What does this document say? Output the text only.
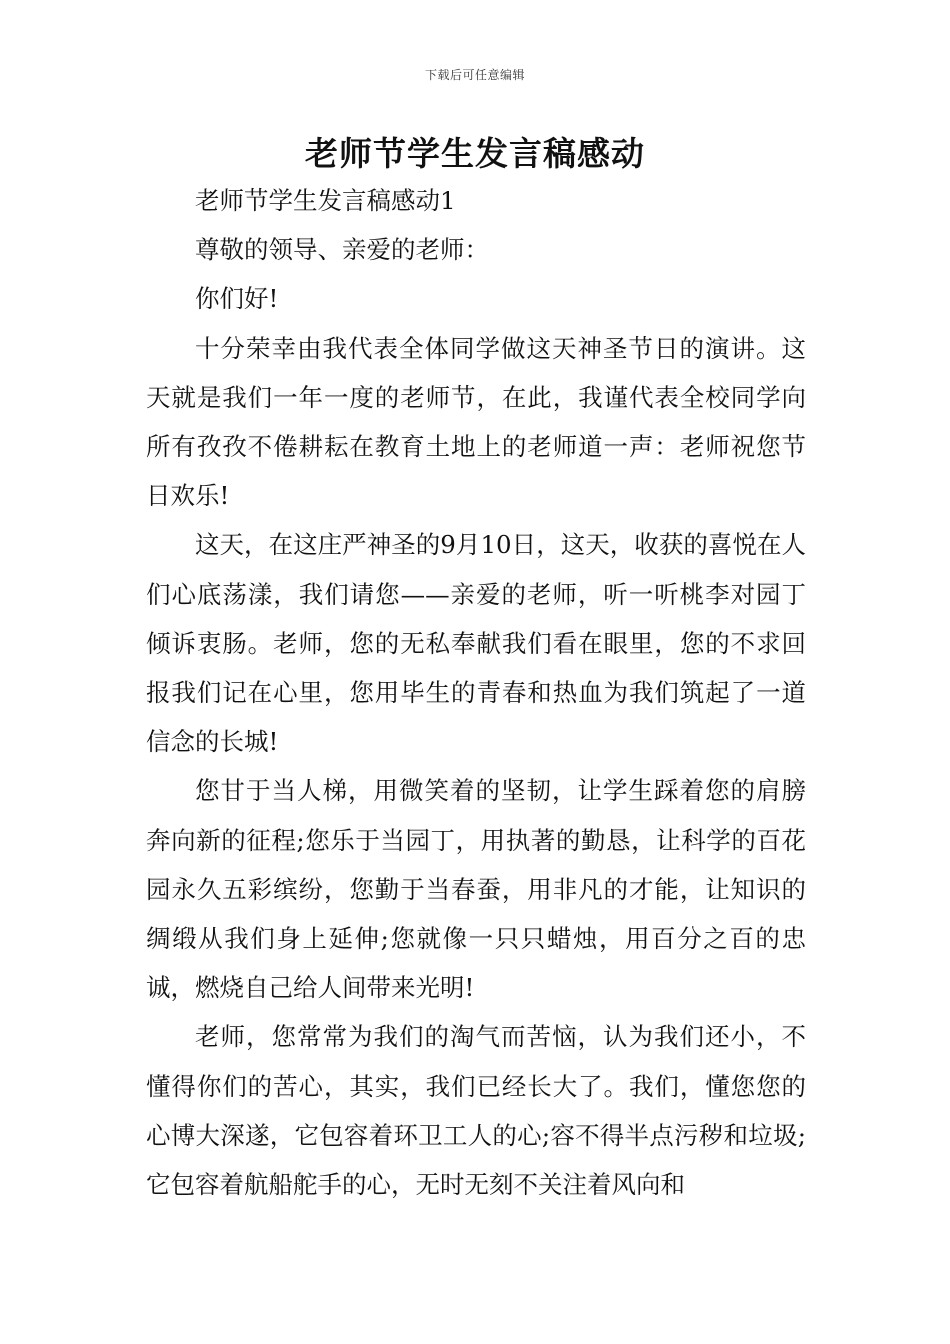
下载后可任意编辑
老师节学生发言稿感动

老师节学生发言稿感动1

尊敬的领导、亲爱的老师：

你们好!

十分荣幸由我代表全体同学做这天神圣节日的演讲。这天就是我们一年一度的老师节，在此，我谨代表全校同学向所有孜孜不倦耕耘在教育土地上的老师道一声：老师祝您节日欢乐!

这天，在这庄严神圣的9月10日，这天，收获的喜悦在人们心底荡漾，我们请您——亲爱的老师，听一听桃李对园丁倾诉衷肠。老师，您的无私奉献我们看在眼里，您的不求回报我们记在心里，您用毕生的青春和热血为我们筑起了一道信念的长城!

您甘于当人梯，用微笑着的坚韧，让学生踩着您的肩膀奔向新的征程;您乐于当园丁，用执著的勤恳，让科学的百花园永久五彩缤纷，您勤于当春蚕，用非凡的才能，让知识的绸缎从我们身上延伸;您就像一只只蜡烛，用百分之百的忠诚，燃烧自己给人间带来光明!

老师，您常常为我们的淘气而苦恼，认为我们还小，不懂得你们的苦心，其实，我们已经长大了。我们，懂您您的心博大深遂，它包容着环卫工人的心;容不得半点污秽和垃圾;它包容着航船舵手的心，无时无刻不关注着风向和
